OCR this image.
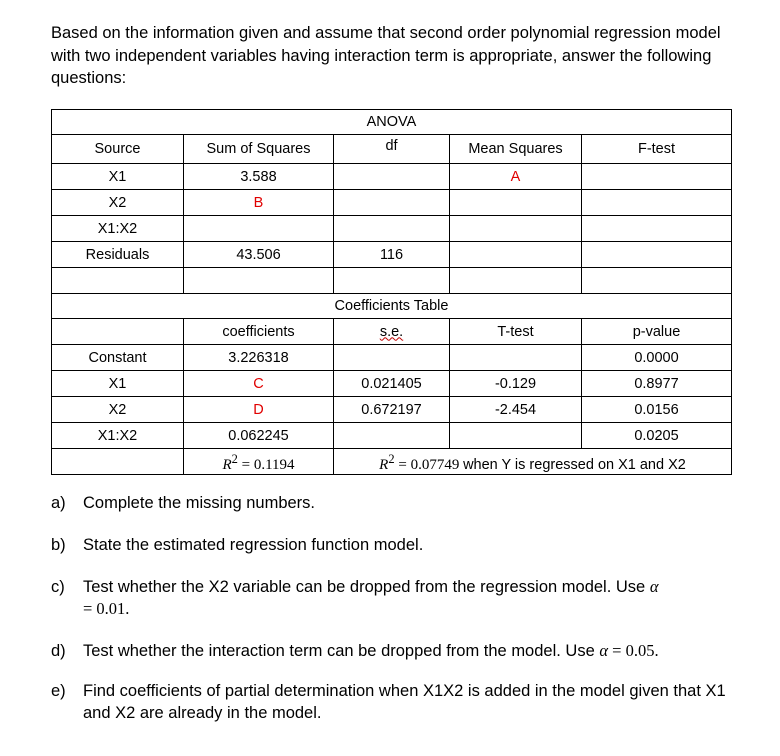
Based on the information given and assume that second order polynomial regression model with two independent variables having interaction term is appropriate, answer the following questions:
ANOVA				
Source	Sum of Squares	df	Mean Squares	F-test
X1	3.588		A	
X2	B			
X1:X2				
Residuals	43.506	116		

Coefficients Table				
	coefficients	s.e.	T-test	p-value
Constant	3.226318			0.0000
X1	C	0.021405	-0.129	0.8977
X2	D	0.672197	-2.454	0.0156
X1:X2	0.062245			0.0205
	$R^2 = 0.1194$	$R^2 = 0.07749$ when Y is regressed on X1 and X2		
a)	Complete the missing numbers.
b)	State the estimated regression function model.
c)	Test whether the X2 variable can be dropped from the regression model. Use α
= 0.01.
d)	Test whether the interaction term can be dropped from the model. Use α = 0.05.
e)	Find coefficients of partial determination when X1X2 is added in the model given that X1 and X2 are already in the model.
